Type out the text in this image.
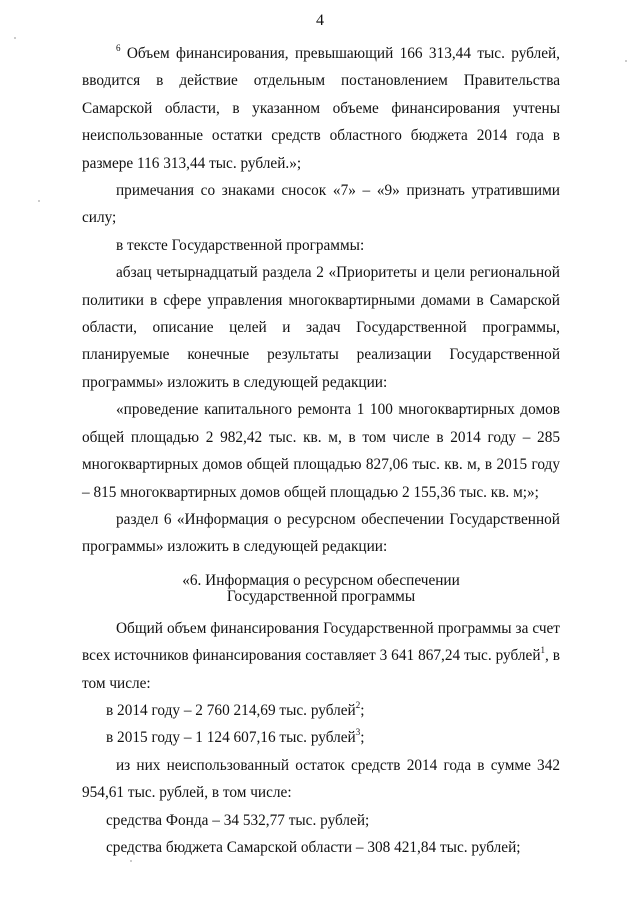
4

$^6$ Объем финансирования, превышающий 166 313,44 тыс. рублей, вводится в действие отдельным постановлением Правительства Самарской области, в указанном объеме финансирования учтены неиспользованные остатки средств областного бюджета 2014 года в размере 116 313,44 тыс. рублей.»;

примечания со знаками сносок «7» – «9» признать утратившими силу;

в тексте Государственной программы:

абзац четырнадцатый раздела 2 «Приоритеты и цели региональной политики в сфере управления многоквартирными домами в Самарской области, описание целей и задач Государственной программы, планируемые конечные результаты реализации Государственной программы» изложить в следующей редакции:

«проведение капитального ремонта 1 100 многоквартирных домов общей площадью 2 982,42 тыс. кв. м, в том числе в 2014 году – 285 многоквартирных домов общей площадью 827,06 тыс. кв. м, в 2015 году – 815 многоквартирных домов общей площадью 2 155,36 тыс. кв. м;»;

раздел 6 «Информация о ресурсном обеспечении Государственной программы» изложить в следующей редакции:

«6. Информация о ресурсном обеспечении
Государственной программы

Общий объем финансирования Государственной программы за счет всех источников финансирования составляет 3 641 867,24 тыс. рублей$^1$, в том числе:

в 2014 году – 2 760 214,69 тыс. рублей$^2$;

в 2015 году – 1 124 607,16 тыс. рублей$^3$;

из них неиспользованный остаток средств 2014 года в сумме 342 954,61 тыс. рублей, в том числе:

средства Фонда – 34 532,77 тыс. рублей;

средства бюджета Самарской области – 308 421,84 тыс. рублей;
